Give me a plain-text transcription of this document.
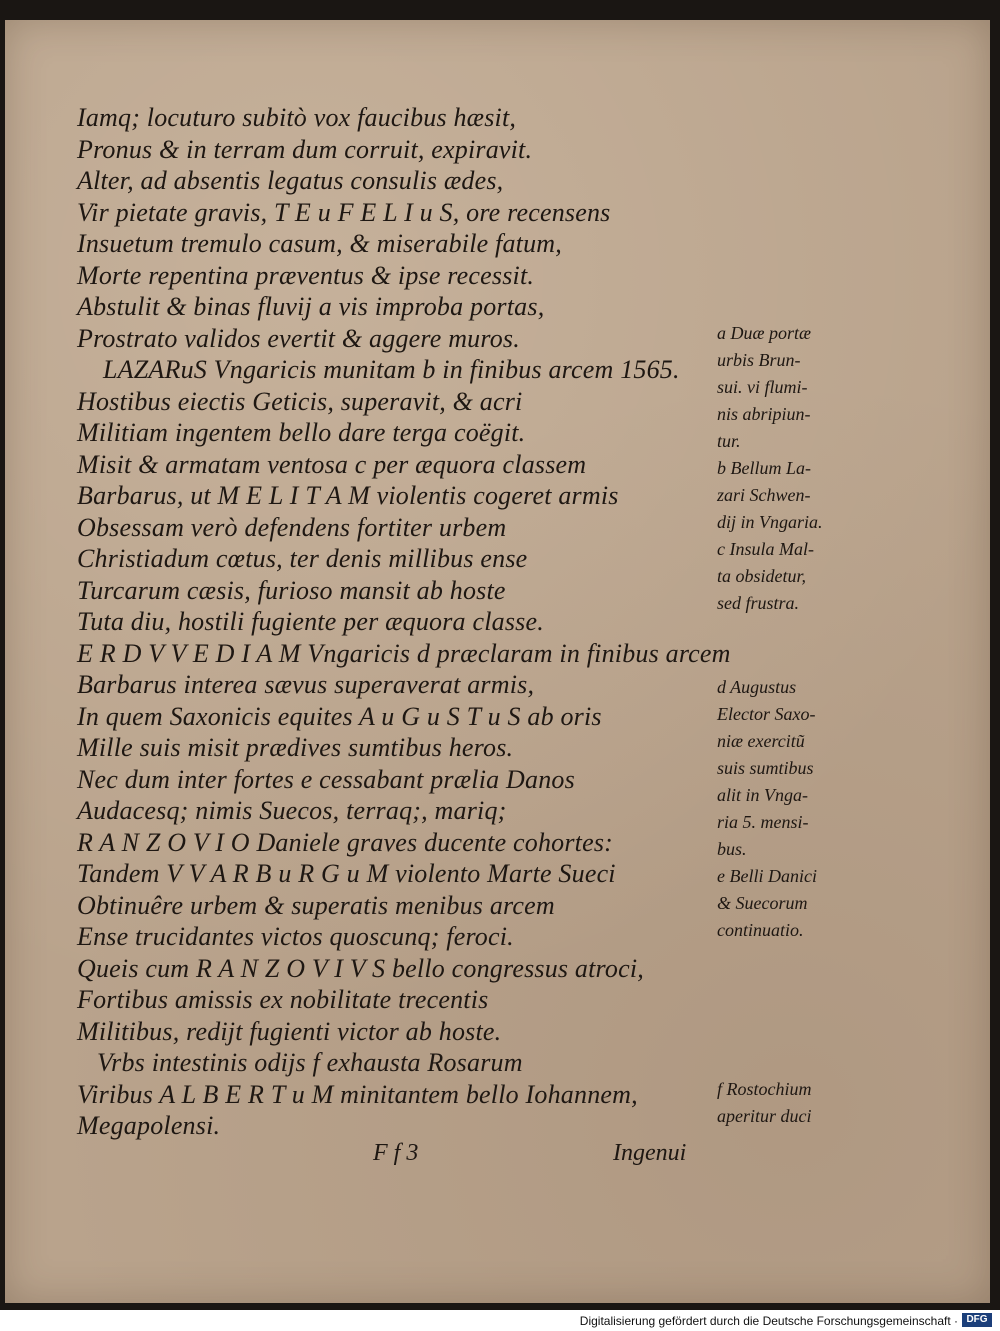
Iamq; locuturo subitò vox faucibus hæsit,
Pronus & in terram dum corruit, expiravit.
Alter, ad absentis legatus consulis ædes,
Vir pietate gravis, T E u F E L I u S, ore recensens
Insuetum tremulo casum, & miserabile fatum,
Morte repentina præventus & ipse recessit.
Abstulit & binas fluvij a vis improba portas,
Prostrato validos evertit & aggere muros.
LAZARuS Vngaricis munitam b in finibus arcem 1565.
Hostibus eiectis Geticis, superavit, & acri
Militiam ingentem bello dare terga coëgit.
Misit & armatam ventosa c per æquora classem
Barbarus, ut M E L I T A M violentis cogeret armis
Obsessam verò defendens fortiter urbem
Christiadum cœtus, ter denis millibus ense
Turcarum cæsis, furioso mansit ab hoste
Tuta diu, hostili fugiente per æquora classe.
E R D V V E D I A M Vngaricis d præclaram in finibus arcem
Barbarus interea sævus superaverat armis,
In quem Saxonicis equites A u G u S T u S ab oris
Mille suis misit prædives sumtibus heros.
Nec dum inter fortes e cessabant prælia Danos
Audacesq; nimis Suecos, terraq;, mariq;
R A N Z O V I O Daniele graves ducente cohortes:
Tandem V V A R B u R G u M violento Marte Sueci
Obtinuêre urbem & superatis menibus arcem
Ense trucidantes victos quoscunq; feroci.
Queis cum R A N Z O V I V S bello congressus atroci,
Fortibus amissis ex nobilitate trecentis
Militibus, redijt fugienti victor ab hoste.
Vrbs intestinis odijs f exhausta Rosarum
Viribus A L B E R T u M minitantem bello Iohannem,
Megapolensi.
a Duæ portæ
urbis Brun-
sui. vi flumi-
nis abripiun-
tur.
b Bellum La-
zari Schwen-
dij in Vngaria.
c Insula Mal-
ta obsidetur,
sed frustra.
d Augustus
Elector Saxo-
niæ exercitũ
suis sumtibus
alit in Vnga-
ria 5. mensi-
bus.
e Belli Danici
& Suecorum
continuatio.
f Rostochium
aperitur duci
F f 3	Ingenui
Digitalisierung gefördert durch die Deutsche Forschungsgemeinschaft · DFG
